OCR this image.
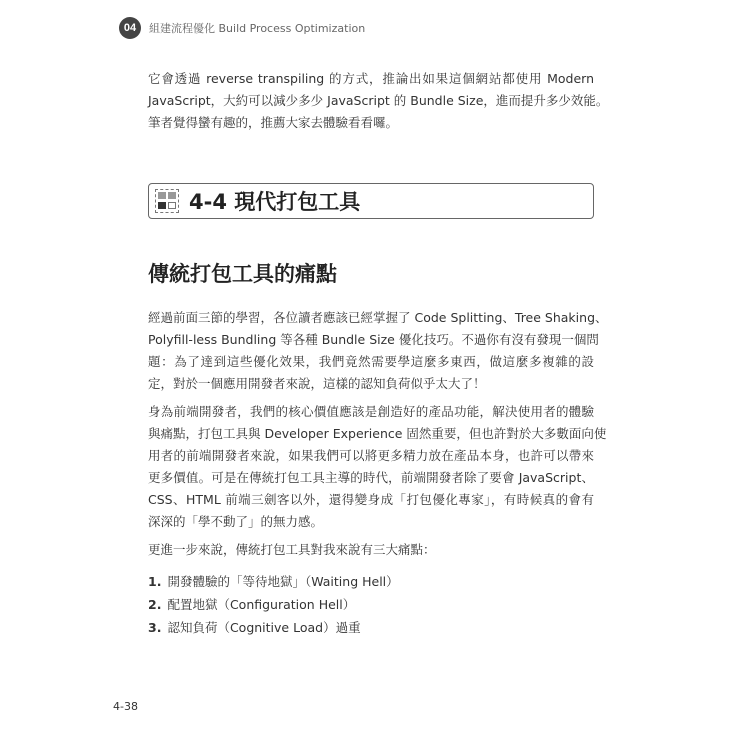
04	組建流程優化 Build Process Optimization
它會透過 reverse transpiling 的方式，推論出如果這個網站都使用 Modern
JavaScript，大約可以減少多少 JavaScript 的 Bundle Size，進而提升多少效能。
筆者覺得蠻有趣的，推薦大家去體驗看看囉。
4-4 現代打包工具
傳統打包工具的痛點
經過前面三節的學習，各位讀者應該已經掌握了 Code Splitting、Tree Shaking、
Polyfill-less Bundling 等各種 Bundle Size 優化技巧。不過你有沒有發現一個問
題：為了達到這些優化效果，我們竟然需要學這麼多東西，做這麼多複雜的設
定，對於一個應用開發者來說，這樣的認知負荷似乎太大了！
身為前端開發者，我們的核心價值應該是創造好的產品功能，解決使用者的體驗
與痛點，打包工具與 Developer Experience 固然重要，但也許對於大多數面向使
用者的前端開發者來說，如果我們可以將更多精力放在產品本身，也許可以帶來
更多價值。可是在傳統打包工具主導的時代，前端開發者除了要會 JavaScript、
CSS、HTML 前端三劍客以外，還得變身成「打包優化專家」，有時候真的會有
深深的「學不動了」的無力感。
更進一步來說，傳統打包工具對我來說有三大痛點：
1. 開發體驗的「等待地獄」（Waiting Hell）
2. 配置地獄（Configuration Hell）
3. 認知負荷（Cognitive Load）過重
4-38
